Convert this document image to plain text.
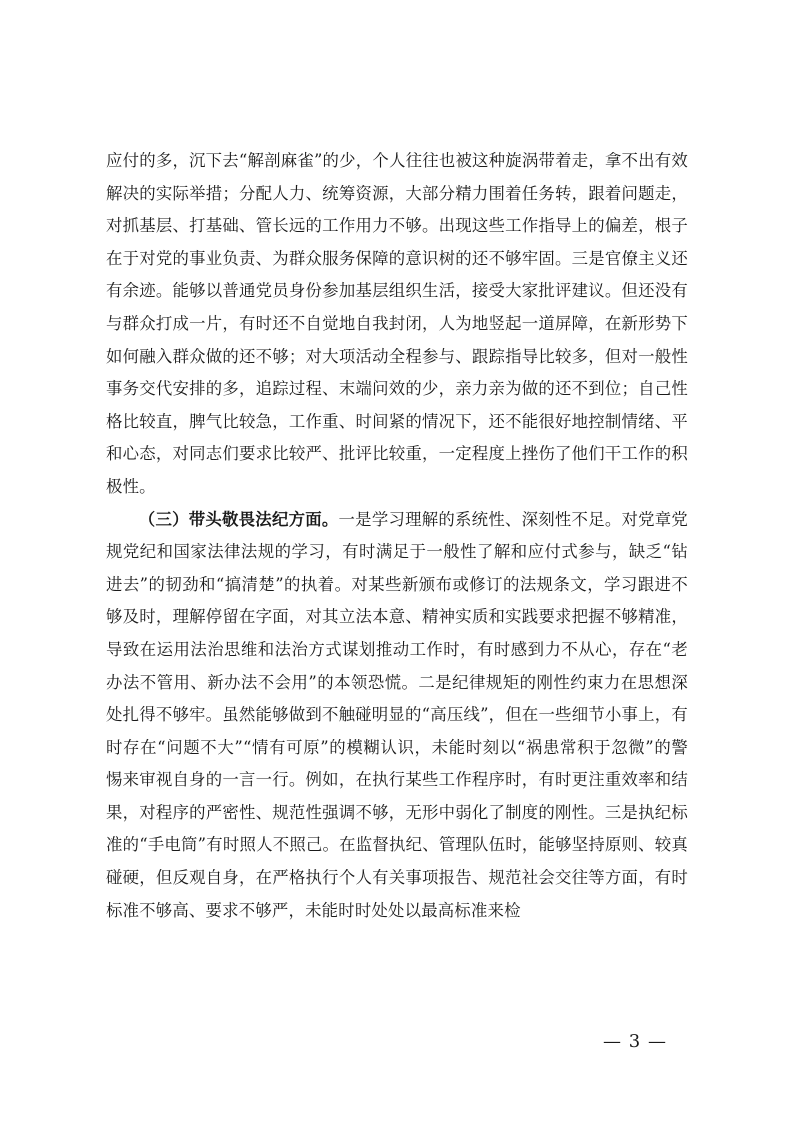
应付的多，沉下去“解剖麻雀”的少，个人往往也被这种旋涡带着走，拿不出有效解决的实际举措；分配人力、统筹资源，大部分精力围着任务转，跟着问题走，对抓基层、打基础、管长远的工作用力不够。出现这些工作指导上的偏差，根子在于对党的事业负责、为群众服务保障的意识树的还不够牢固。三是官僚主义还有余迹。能够以普通党员身份参加基层组织生活，接受大家批评建议。但还没有与群众打成一片，有时还不自觉地自我封闭，人为地竖起一道屏障，在新形势下如何融入群众做的还不够；对大项活动全程参与、跟踪指导比较多，但对一般性事务交代安排的多，追踪过程、末端问效的少，亲力亲为做的还不到位；自己性格比较直，脾气比较急，工作重、时间紧的情况下，还不能很好地控制情绪、平和心态，对同志们要求比较严、批评比较重，一定程度上挫伤了他们干工作的积极性。

（三）带头敬畏法纪方面。一是学习理解的系统性、深刻性不足。对党章党规党纪和国家法律法规的学习，有时满足于一般性了解和应付式参与，缺乏“钻进去”的韧劲和“搞清楚”的执着。对某些新颁布或修订的法规条文，学习跟进不够及时，理解停留在字面，对其立法本意、精神实质和实践要求把握不够精准，导致在运用法治思维和法治方式谋划推动工作时，有时感到力不从心，存在“老办法不管用、新办法不会用”的本领恐慌。二是纪律规矩的刚性约束力在思想深处扎得不够牢。虽然能够做到不触碰明显的“高压线”，但在一些细节小事上，有时存在“问题不大”“情有可原”的模糊认识，未能时刻以“祸患常积于忽微”的警惕来审视自身的一言一行。例如，在执行某些工作程序时，有时更注重效率和结果，对程序的严密性、规范性强调不够，无形中弱化了制度的刚性。三是执纪标准的“手电筒”有时照人不照己。在监督执纪、管理队伍时，能够坚持原则、较真碰硬，但反观自身，在严格执行个人有关事项报告、规范社会交往等方面，有时标准不够高、要求不够严，未能时时处处以最高标准来检

— 3 —
